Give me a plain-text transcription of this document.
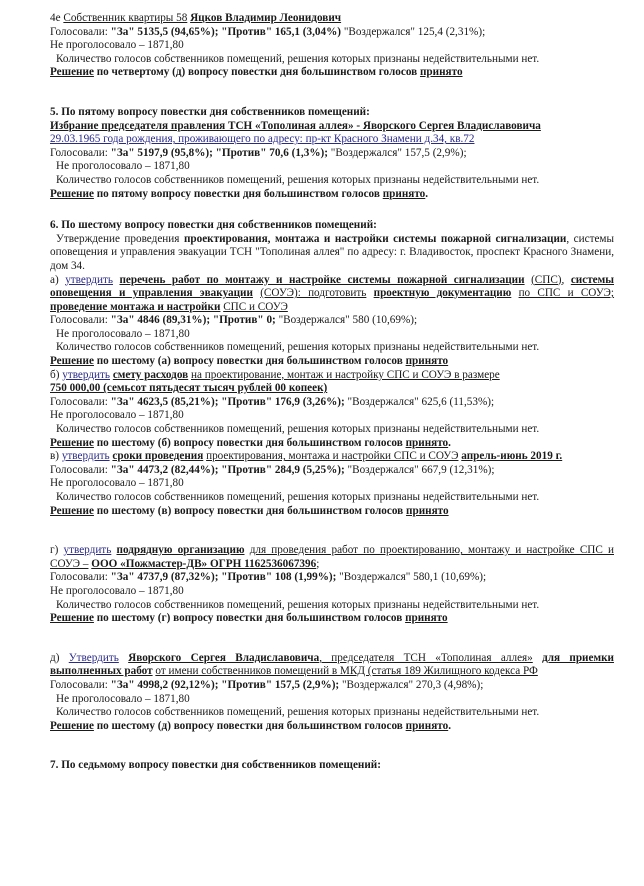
4е Собственник квартиры 58 Яцков Владимир Леонидович

Голосовали: "За" 5135,5 (94,65%); "Против" 165,1 (3,04%) "Воздержался" 125,4 (2,31%);

Не проголосовало – 1871,80

Количество голосов собственников помещений, решения которых признаны недействительными нет.

Решение по четвертому (д) вопросу повестки дня большинством голосов принято

5. По пятому вопросу повестки дня собственников помещений:

Избрание председателя правления ТСН «Тополиная аллея» - Яворского Сергея Владиславовича

29.03.1965 года рождения, проживающего по адресу: пр-кт Красного Знамени д.34, кв.72

Голосовали: "За" 5197,9 (95,8%); "Против" 70,6 (1,3%); "Воздержался" 157,5 (2,9%);

Не проголосовало – 1871,80

Количество голосов собственников помещений, решения которых признаны недействительными нет.

Решение по пятому вопросу повестки дня большинством голосов принято.

6. По шестому вопросу повестки дня собственников помещений:

Утверждение проведения проектирования, монтажа и настройки системы пожарной сигнализации, системы оповещения и управления эвакуации ТСН "Тополиная аллея" по адресу: г. Владивосток, проспект Красного Знамени, дом 34.

а) утвердить перечень работ по монтажу и настройке системы пожарной сигнализации (СПС), системы оповещения и управления эвакуации (СОУЭ): подготовить проектную документацию по СПС и СОУЭ; проведение монтажа и настройки СПС и СОУЭ

Голосовали: "За" 4846 (89,31%); "Против" 0; "Воздержался" 580 (10,69%);

Не проголосовало – 1871,80

Количество голосов собственников помещений, решения которых признаны недействительными нет.

Решение по шестому (а) вопросу повестки дня большинством голосов принято

б) утвердить смету расходов на проектирование, монтаж и настройку СПС и СОУЭ в размере
750 000,00 (семьсот пятьдесят тысяч рублей 00 копеек)

Голосовали: "За" 4623,5 (85,21%); "Против" 176,9 (3,26%); "Воздержался" 625,6 (11,53%);

Не проголосовало – 1871,80

Количество голосов собственников помещений, решения которых признаны недействительными нет.

Решение по шестому (б) вопросу повестки дня большинством голосов принято.

в) утвердить сроки проведения проектирования, монтажа и настройки СПС и СОУЭ апрель-июнь 2019 г.

Голосовали: "За" 4473,2 (82,44%); "Против" 284,9 (5,25%); "Воздержался" 667,9 (12,31%);

Не проголосовало – 1871,80

Количество голосов собственников помещений, решения которых признаны недействительными нет.

Решение по шестому (в) вопросу повестки дня большинством голосов принято

г) утвердить подрядную организацию для проведения работ по проектированию, монтажу и настройке СПС и СОУЭ – ООО «Пожмастер-ДВ» ОГРН 1162536067396;

Голосовали: "За" 4737,9 (87,32%); "Против" 108 (1,99%); "Воздержался" 580,1 (10,69%);

Не проголосовало – 1871,80

Количество голосов собственников помещений, решения которых признаны недействительными нет.

Решение по шестому (г) вопросу повестки дня большинством голосов принято

д) Утвердить Яворского Сергея Владиславовича, председателя ТСН «Тополиная аллея» для приемки выполненных работ от имени собственников помещений в МКД (статья 189 Жилищного кодекса РФ

Голосовали: "За" 4998,2 (92,12%); "Против" 157,5 (2,9%); "Воздержался" 270,3 (4,98%);

Не проголосовало – 1871,80

Количество голосов собственников помещений, решения которых признаны недействительными нет.

Решение по шестому (д) вопросу повестки дня большинством голосов принято.

7. По седьмому вопросу повестки дня собственников помещений:
